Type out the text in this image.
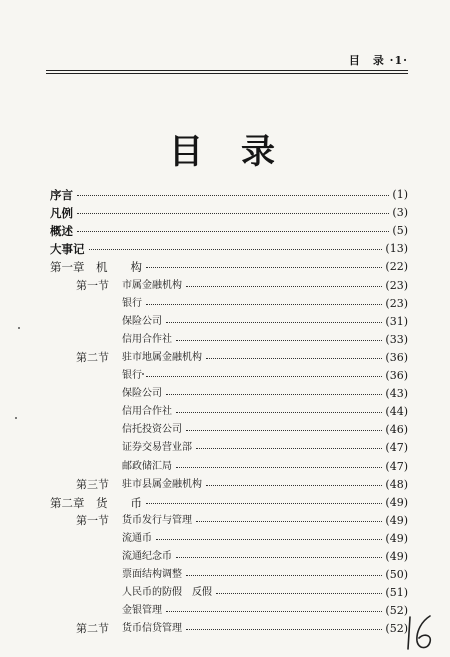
目　录 ·1·
目录
序言	(1)
凡例	(3)
概述	(5)
大事记	(13)
第一章 机　　构	(22)
第一节 市属金融机构	(23)
银行	(23)
保险公司	(31)
信用合作社	(33)
第二节 驻市地属金融机构	(36)
银行	(36)
保险公司	(43)
信用合作社	(44)
信托投资公司	(46)
证券交易营业部	(47)
邮政储汇局	(47)
第三节 驻市县属金融机构	(48)
第二章 货　　币	(49)
第一节 货币发行与管理	(49)
流通币	(49)
流通纪念币	(49)
票面结构调整	(50)
人民币的防假　反假	(51)
金银管理	(52)
第二节 货币信贷管理	(52)
